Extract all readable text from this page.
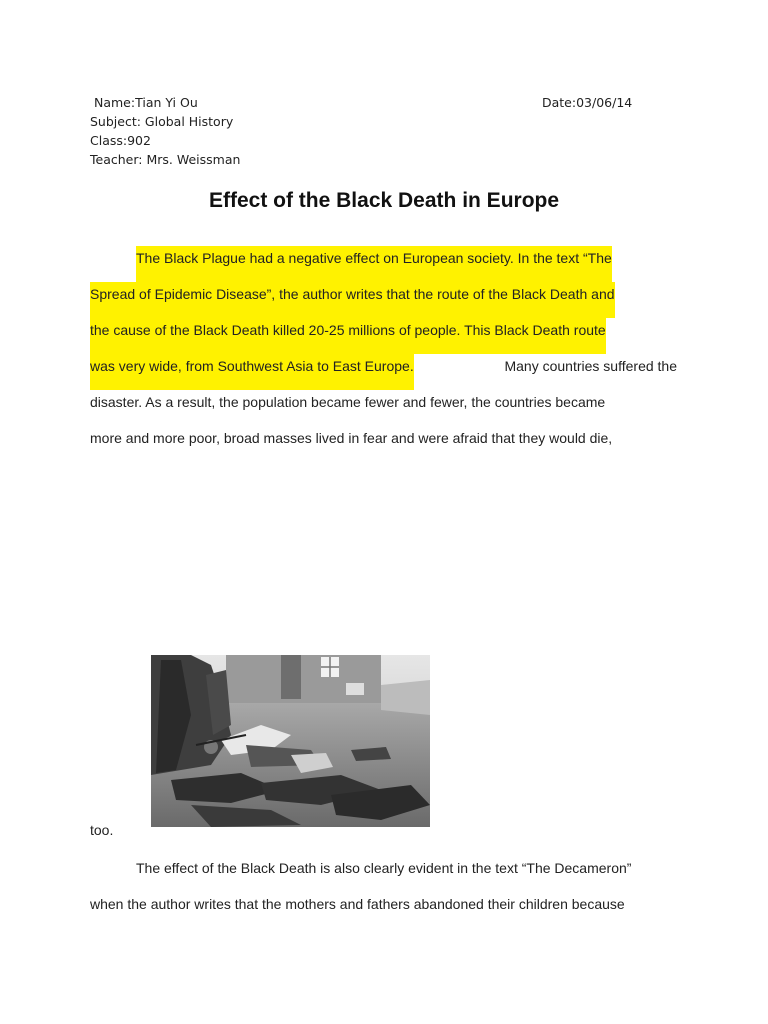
Name:Tian Yi Ou	Date:03/06/14
Subject: Global History
Class:902
Teacher: Mrs. Weissman
Effect of the Black Death in Europe
The Black Plague had a negative effect on European society. In the text “The
Spread of Epidemic Disease”, the author writes that the route of the Black Death and
the cause of the Black Death killed 20-25 millions of people. This Black Death route
was very wide, from Southwest Asia to East Europe.	Many countries suffered the
disaster. As a result, the population became fewer and fewer, the countries became
more and more poor, broad masses lived in fear and were afraid that they would die,
too.
The effect of the Black Death is also clearly evident in the text “The Decameron”
when the author writes that the mothers and fathers abandoned their children because
